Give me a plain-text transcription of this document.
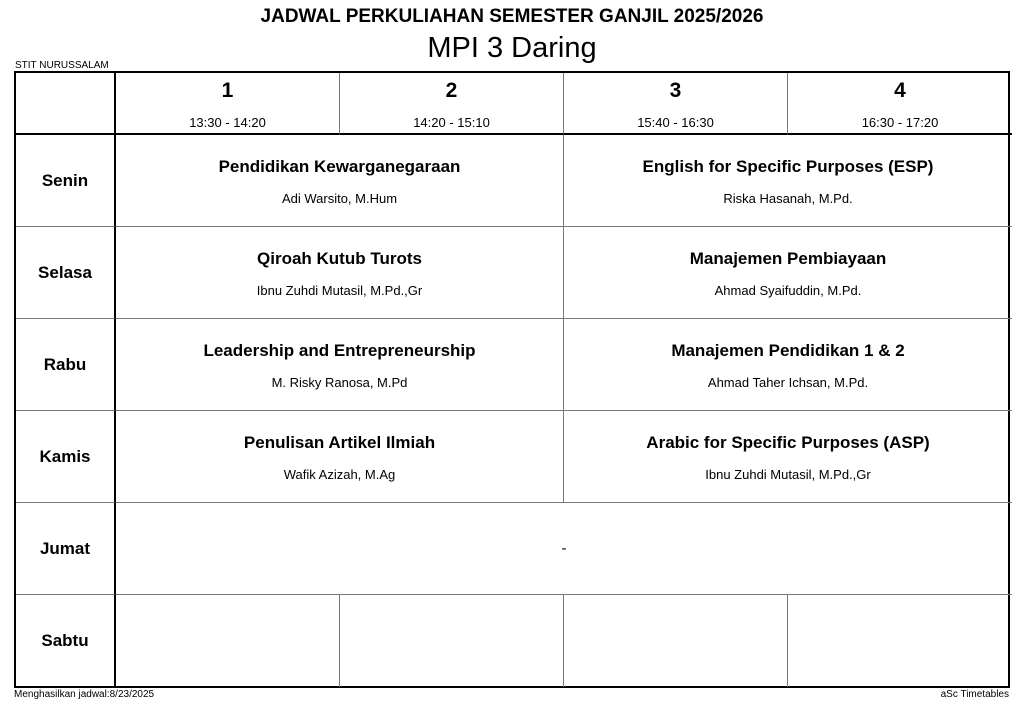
JADWAL PERKULIAHAN SEMESTER GANJIL 2025/2026
MPI 3 Daring
STIT NURUSSALAM
1
13:30 - 14:20
2
14:20 - 15:10
3
15:40 - 16:30
4
16:30 - 17:20
Senin
Pendidikan Kewarganegaraan
Adi Warsito, M.Hum
English for Specific Purposes (ESP)
Riska Hasanah, M.Pd.
Selasa
Qiroah Kutub Turots
Ibnu Zuhdi Mutasil, M.Pd.,Gr
Manajemen Pembiayaan
Ahmad Syaifuddin, M.Pd.
Rabu
Leadership and Entrepreneurship
M. Risky Ranosa, M.Pd
Manajemen Pendidikan 1 & 2
Ahmad Taher Ichsan, M.Pd.
Kamis
Penulisan Artikel Ilmiah
Wafik Azizah, M.Ag
Arabic for Specific Purposes (ASP)
Ibnu Zuhdi Mutasil, M.Pd.,Gr
Jumat	-
Sabtu
Menghasilkan jadwal:8/23/2025	aSc Timetables
